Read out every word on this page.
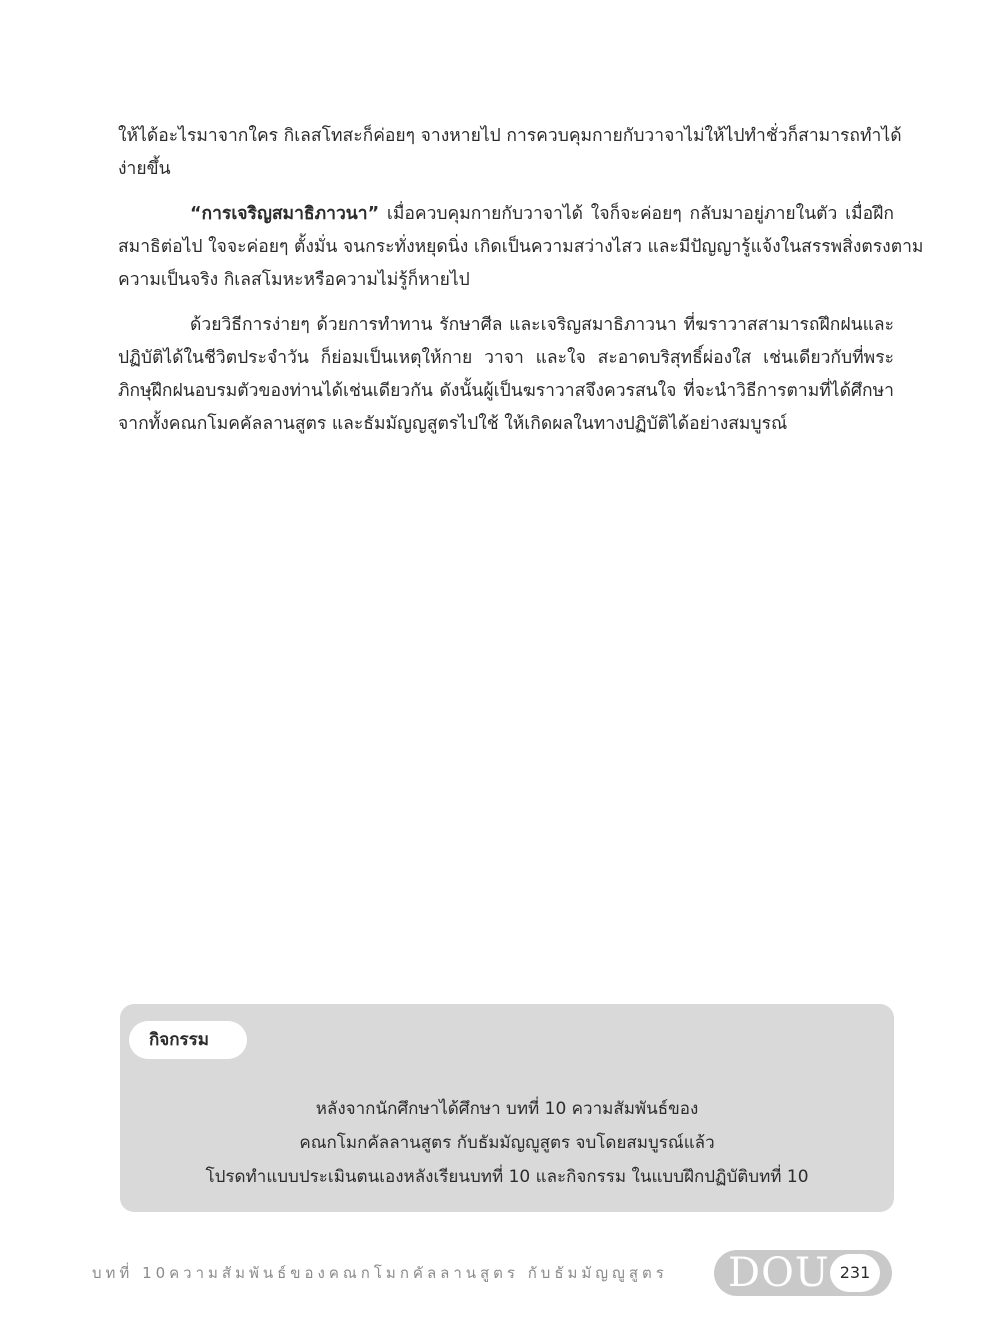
ให้ได้อะไรมาจากใคร กิเลสโทสะก็ค่อยๆ จางหายไป การควบคุมกายกับวาจาไม่ให้ไปทำชั่วก็สามารถทำได้
ง่ายขึ้น
“การเจริญสมาธิภาวนา” เมื่อควบคุมกายกับวาจาได้ ใจก็จะค่อยๆ กลับมาอยู่ภายในตัว เมื่อฝึก
สมาธิต่อไป ใจจะค่อยๆ ตั้งมั่น จนกระทั่งหยุดนิ่ง เกิดเป็นความสว่างไสว และมีปัญญารู้แจ้งในสรรพสิ่งตรงตาม
ความเป็นจริง กิเลสโมหะหรือความไม่รู้ก็หายไป
ด้วยวิธีการง่ายๆ ด้วยการทำทาน รักษาศีล และเจริญสมาธิภาวนา ที่ฆราวาสสามารถฝึกฝนและ
ปฏิบัติได้ในชีวิตประจำวัน ก็ย่อมเป็นเหตุให้กาย วาจา และใจ สะอาดบริสุทธิ์ผ่องใส เช่นเดียวกับที่พระ
ภิกษุฝึกฝนอบรมตัวของท่านได้เช่นเดียวกัน ดังนั้นผู้เป็นฆราวาสจึงควรสนใจ ที่จะนำวิธีการตามที่ได้ศึกษา
จากทั้งคณกโมคคัลลานสูตร และธัมมัญญสูตรไปใช้ ให้เกิดผลในทางปฏิบัติได้อย่างสมบูรณ์
กิจกรรม
หลังจากนักศึกษาได้ศึกษา บทที่ 10 ความสัมพันธ์ของ
คณกโมกคัลลานสูตร กับธัมมัญญูสูตร จบโดยสมบูรณ์แล้ว
โปรดทำแบบประเมินตนเองหลังเรียนบทที่ 10 และกิจกรรม ในแบบฝึกปฏิบัติบทที่ 10
บทที่ 10ความสัมพันธ์ของคณกโมกคัลลานสูตร กับธัมมัญญูสูตร DOU 231
